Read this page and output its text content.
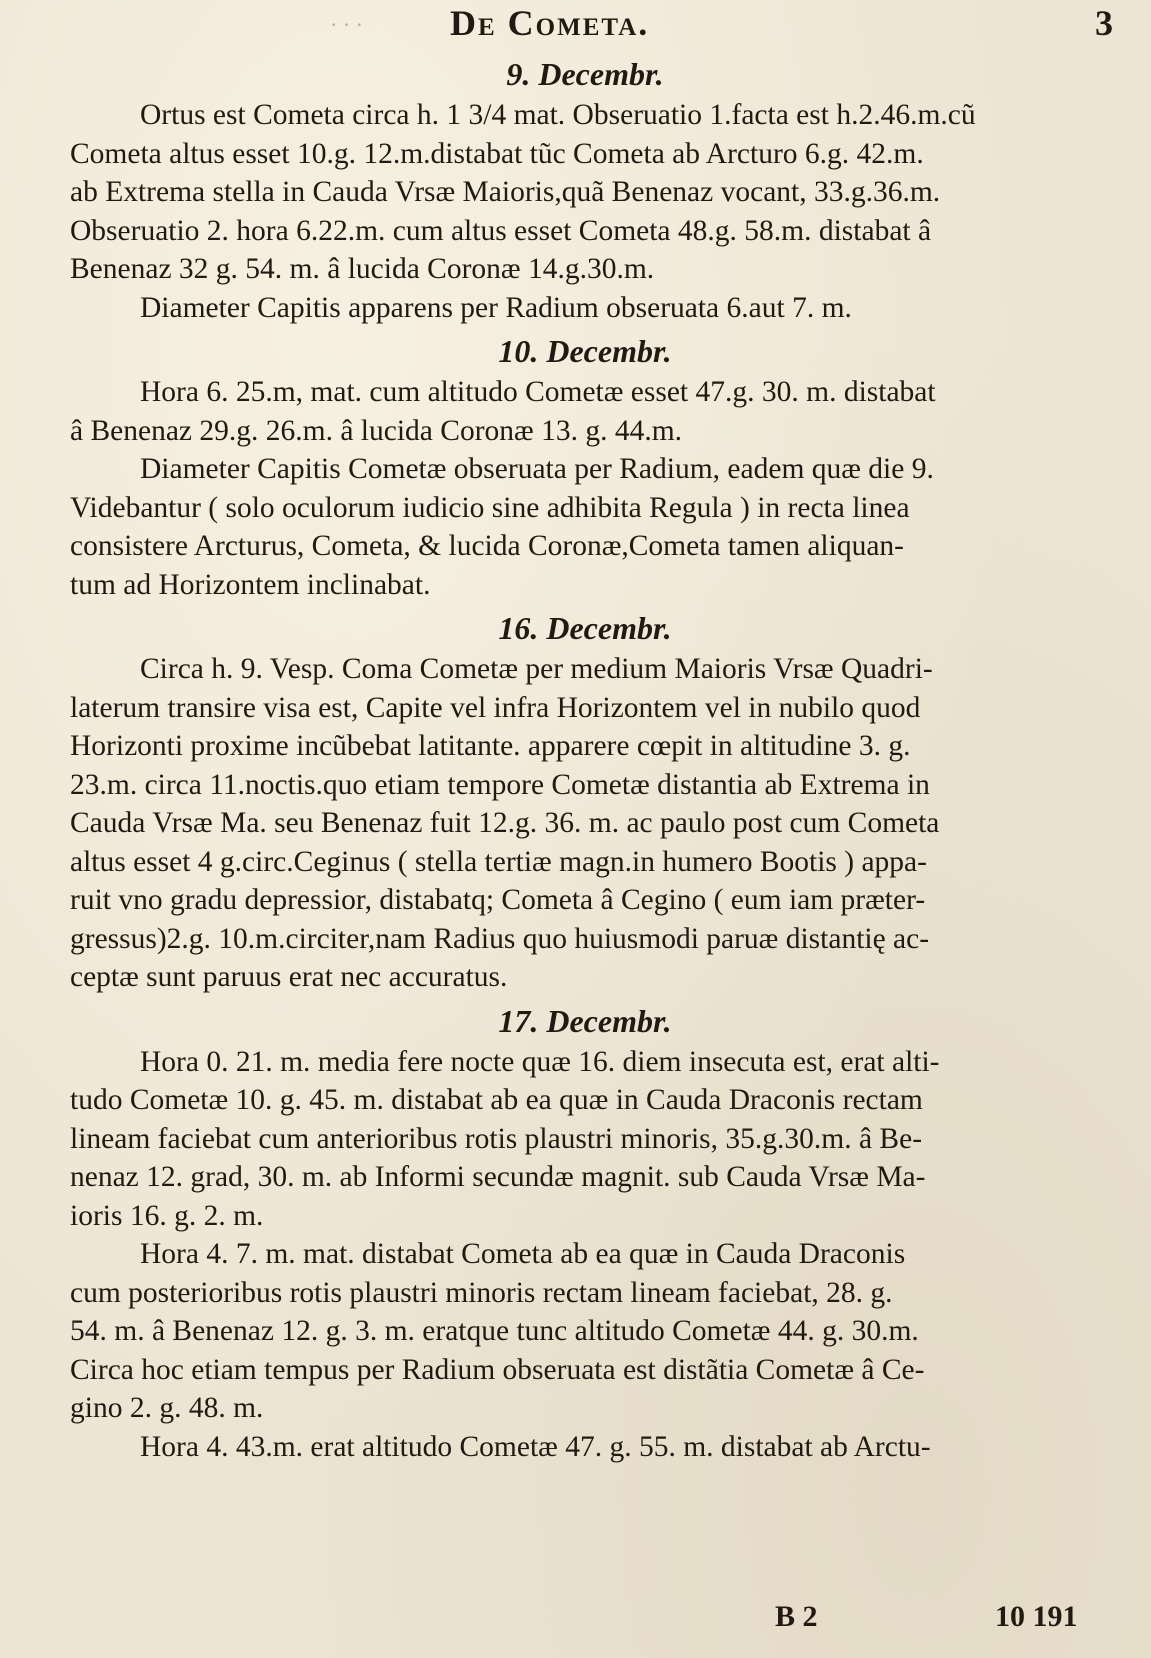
· · · De Cometa.	3
9. Decembr.
Ortus est Cometa circa h. 1 3/4 mat. Obseruatio 1.facta est h.2.46.m.cũ
Cometa altus esset 10.g. 12.m.distabat tũc Cometa ab Arcturo 6.g. 42.m.
ab Extrema stella in Cauda Vrsæ Maioris,quã Benenaz vocant, 33.g.36.m.
Obseruatio 2. hora 6.22.m. cum altus esset Cometa 48.g. 58.m. distabat â
Benenaz 32 g. 54. m. â lucida Coronæ 14.g.30.m.
Diameter Capitis apparens per Radium obseruata 6.aut 7. m.
10. Decembr.
Hora 6. 25.m, mat. cum altitudo Cometæ esset 47.g. 30. m. distabat
â Benenaz 29.g. 26.m. â lucida Coronæ 13. g. 44.m.
Diameter Capitis Cometæ obseruata per Radium, eadem quæ die 9.
Videbantur ( solo oculorum iudicio sine adhibita Regula ) in recta linea
consistere Arcturus, Cometa, & lucida Coronæ,Cometa tamen aliquan-
tum ad Horizontem inclinabat.
16. Decembr.
Circa h. 9. Vesp. Coma Cometæ per medium Maioris Vrsæ Quadri-
laterum transire visa est, Capite vel infra Horizontem vel in nubilo quod
Horizonti proxime incũbebat latitante. apparere cœpit in altitudine 3. g.
23.m. circa 11.noctis.quo etiam tempore Cometæ distantia ab Extrema in
Cauda Vrsæ Ma. seu Benenaz fuit 12.g. 36. m. ac paulo post cum Cometa
altus esset 4 g.circ.Ceginus ( stella tertiæ magn.in humero Bootis ) appa-
ruit vno gradu depressior, distabatq; Cometa â Cegino ( eum iam præter-
gressus)2.g. 10.m.circiter,nam Radius quo huiusmodi paruæ distantię ac-
ceptæ sunt paruus erat nec accuratus.
17. Decembr.
Hora 0. 21. m. media fere nocte quæ 16. diem insecuta est, erat alti-
tudo Cometæ 10. g. 45. m. distabat ab ea quæ in Cauda Draconis rectam
lineam faciebat cum anterioribus rotis plaustri minoris, 35.g.30.m. â Be-
nenaz 12. grad, 30. m. ab Informi secundæ magnit. sub Cauda Vrsæ Ma-
ioris 16. g. 2. m.
Hora 4. 7. m. mat. distabat Cometa ab ea quæ in Cauda Draconis
cum posterioribus rotis plaustri minoris rectam lineam faciebat, 28. g.
54. m. â Benenaz 12. g. 3. m. eratque tunc altitudo Cometæ 44. g. 30.m.
Circa hoc etiam tempus per Radium obseruata est distãtia Cometæ â Ce-
gino 2. g. 48. m.
Hora 4. 43.m. erat altitudo Cometæ 47. g. 55. m. distabat ab Arctu-
B 2	10 191
